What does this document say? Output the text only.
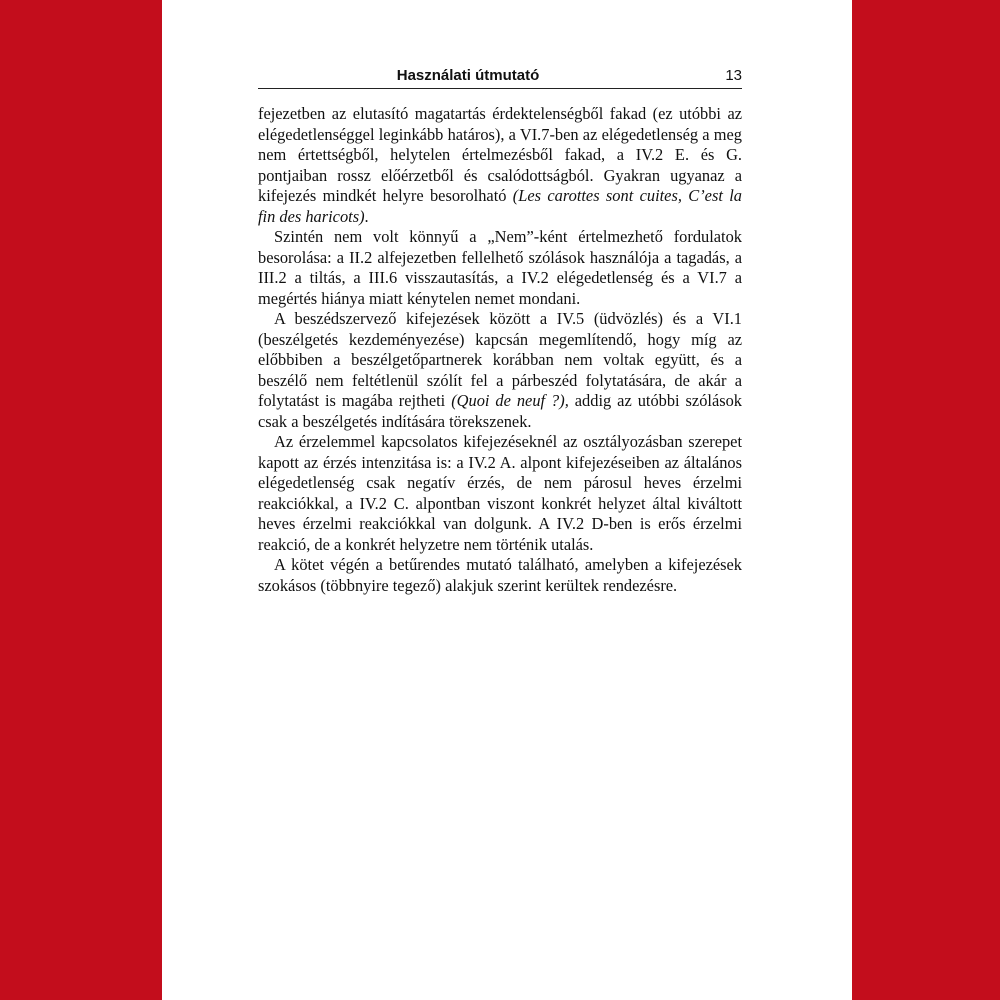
Használati útmutató	13

fejezetben az elutasító magatartás érdektelenségből fakad (ez utóbbi az elégedetlenséggel leginkább határos), a VI.7-ben az elégedetlenség a meg nem értettségből, helytelen értelmezésből fakad, a IV.2 E. és G. pontjaiban rossz előérzetből és csalódottságból. Gyakran ugyanaz a kifejezés mindkét helyre besorolható (Les carottes sont cuites, C’est la fin des haricots).

Szintén nem volt könnyű a „Nem”-ként értelmezhető fordulatok besorolása: a II.2 alfejezetben fellelhető szólások használója a tagadás, a III.2 a tiltás, a III.6 visszautasítás, a IV.2 elégedetlenség és a VI.7 a megértés hiánya miatt kénytelen nemet mondani.

A beszédszervező kifejezések között a IV.5 (üdvözlés) és a VI.1 (beszélgetés kezdeményezése) kapcsán megemlítendő, hogy míg az előbbiben a beszélgetőpartnerek korábban nem voltak együtt, és a beszélő nem feltétlenül szólít fel a párbeszéd folytatására, de akár a folytatást is magába rejtheti (Quoi de neuf ?), addig az utóbbi szólások csak a beszélgetés indítására törekszenek.

Az érzelemmel kapcsolatos kifejezéseknél az osztályozásban szerepet kapott az érzés intenzitása is: a IV.2 A. alpont kifejezéseiben az általános elégedetlenség csak negatív érzés, de nem párosul heves érzelmi reakciókkal, a IV.2 C. alpontban viszont konkrét helyzet által kiváltott heves érzelmi reakciókkal van dolgunk. A IV.2 D-ben is erős érzelmi reakció, de a konkrét helyzetre nem történik utalás.

A kötet végén a betűrendes mutató található, amelyben a kifejezések szokásos (többnyire tegező) alakjuk szerint kerültek rendezésre.
